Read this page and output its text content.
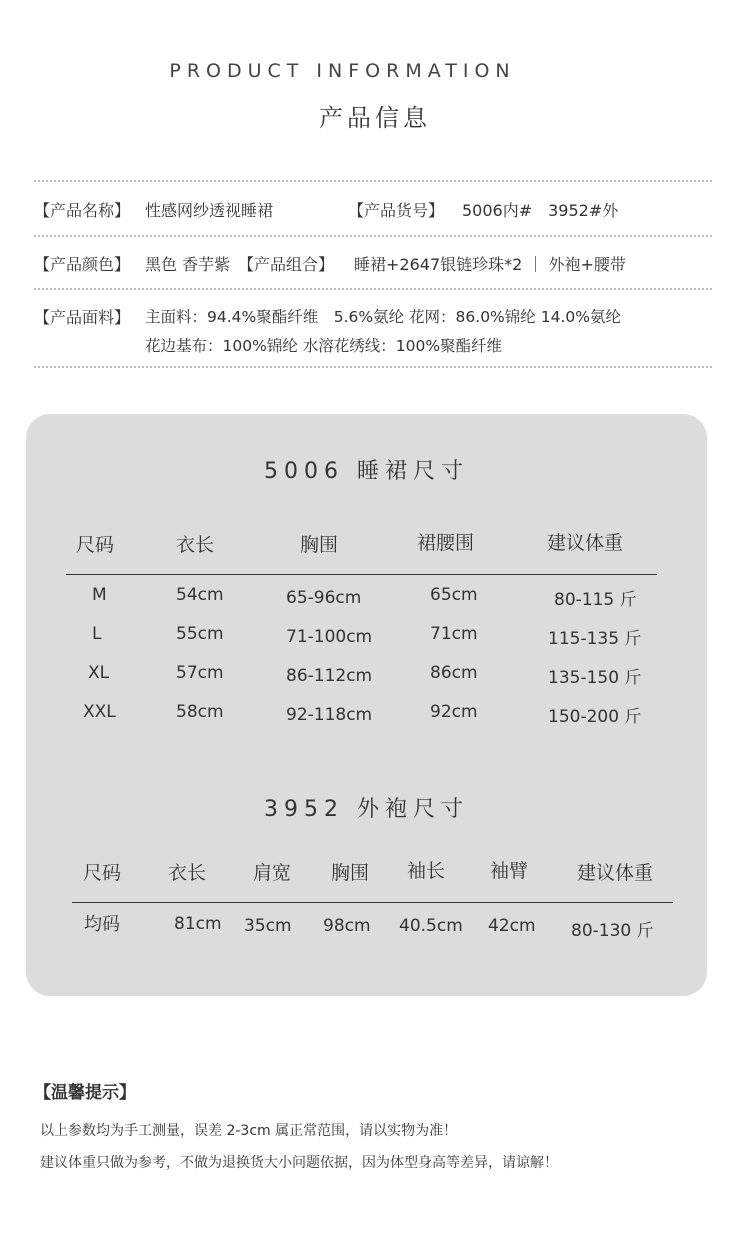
PRODUCT INFORMATION
产品信息
【产品名称】 性感网纱透视睡裙	【产品货号】 5006内#　3952#外
【产品颜色】 黑色 香芋紫 【产品组合】 睡裙+2647银链珍珠*2 ｜ 外袍+腰带
【产品面料】 主面料：94.4%聚酯纤维　5.6%氨纶 花网：86.0%锦纶 14.0%氨纶
花边基布：100%锦纶 水溶花绣线：100%聚酯纤维
5006 睡裙尺寸
尺码	衣长	胸围	裙腰围	建议体重
M	54cm	65-96cm	65cm	80-115 斤
L	55cm	71-100cm	71cm	115-135 斤
XL	57cm	86-112cm	86cm	135-150 斤
XXL	58cm	92-118cm	92cm	150-200 斤
3952 外袍尺寸
尺码 衣长 肩宽 胸围 袖长 袖臂	建议体重
均码	81cm 35cm 98cm 40.5cm 42cm 80-130 斤
【温馨提示】
以上参数均为手工测量，误差 2-3cm 属正常范围，请以实物为准！
建议体重只做为参考，不做为退换货大小问题依据，因为体型身高等差异，请谅解！
